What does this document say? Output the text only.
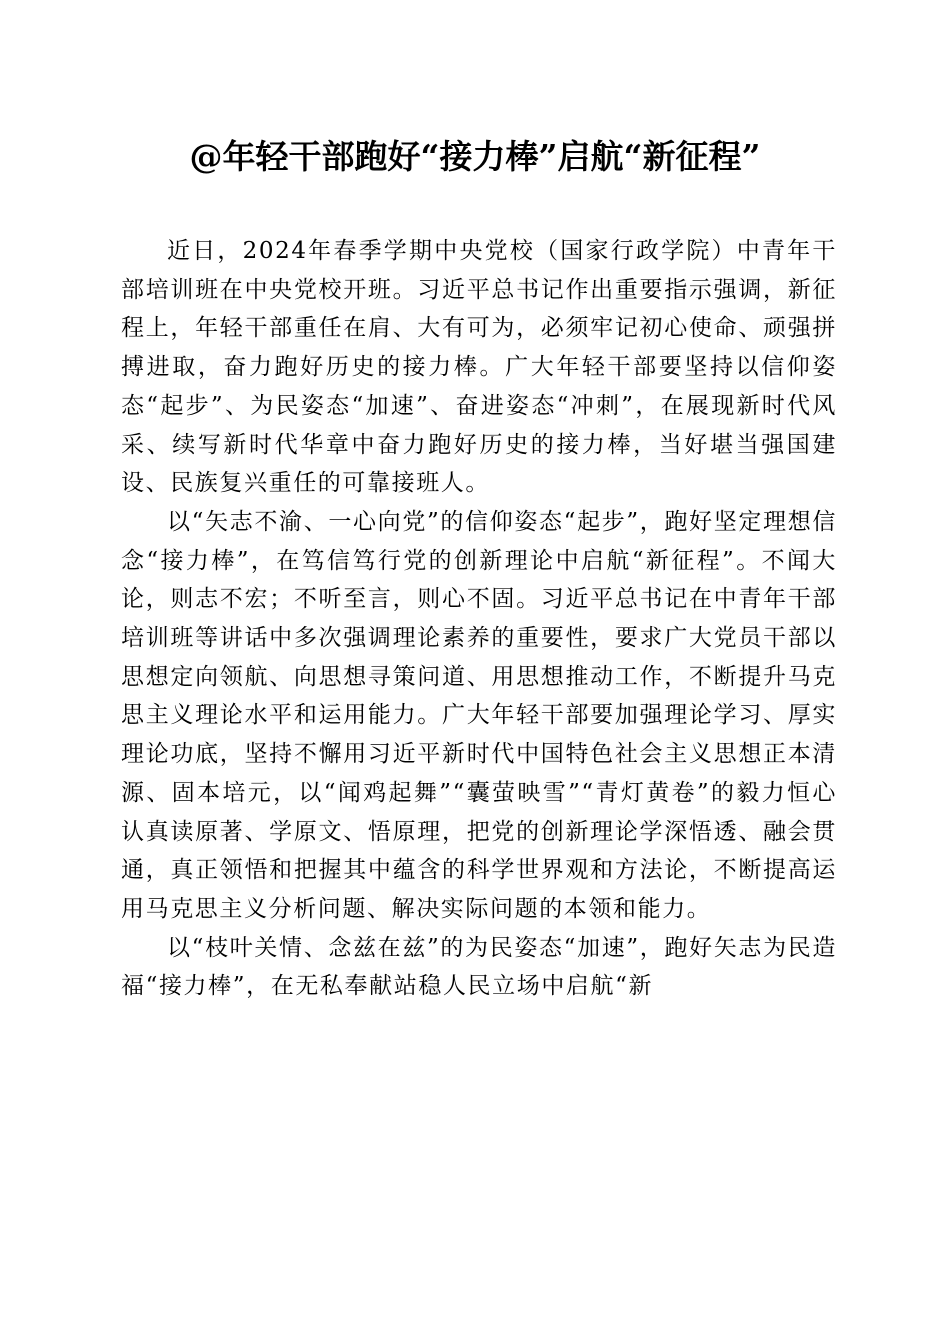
@年轻干部跑好“接力棒”启航“新征程”

近日，2024年春季学期中央党校（国家行政学院）中青年干部培训班在中央党校开班。习近平总书记作出重要指示强调，新征程上，年轻干部重任在肩、大有可为，必须牢记初心使命、顽强拼搏进取，奋力跑好历史的接力棒。广大年轻干部要坚持以信仰姿态“起步”、为民姿态“加速”、奋进姿态“冲刺”，在展现新时代风采、续写新时代华章中奋力跑好历史的接力棒，当好堪当强国建设、民族复兴重任的可靠接班人。

以“矢志不渝、一心向党”的信仰姿态“起步”，跑好坚定理想信念“接力棒”，在笃信笃行党的创新理论中启航“新征程”。不闻大论，则志不宏；不听至言，则心不固。习近平总书记在中青年干部培训班等讲话中多次强调理论素养的重要性，要求广大党员干部以思想定向领航、向思想寻策问道、用思想推动工作，不断提升马克思主义理论水平和运用能力。广大年轻干部要加强理论学习、厚实理论功底，坚持不懈用习近平新时代中国特色社会主义思想正本清源、固本培元，以“闻鸡起舞”“囊萤映雪”“青灯黄卷”的毅力恒心认真读原著、学原文、悟原理，把党的创新理论学深悟透、融会贯通，真正领悟和把握其中蕴含的科学世界观和方法论，不断提高运用马克思主义分析问题、解决实际问题的本领和能力。

以“枝叶关情、念兹在兹”的为民姿态“加速”，跑好矢志为民造福“接力棒”，在无私奉献站稳人民立场中启航“新
